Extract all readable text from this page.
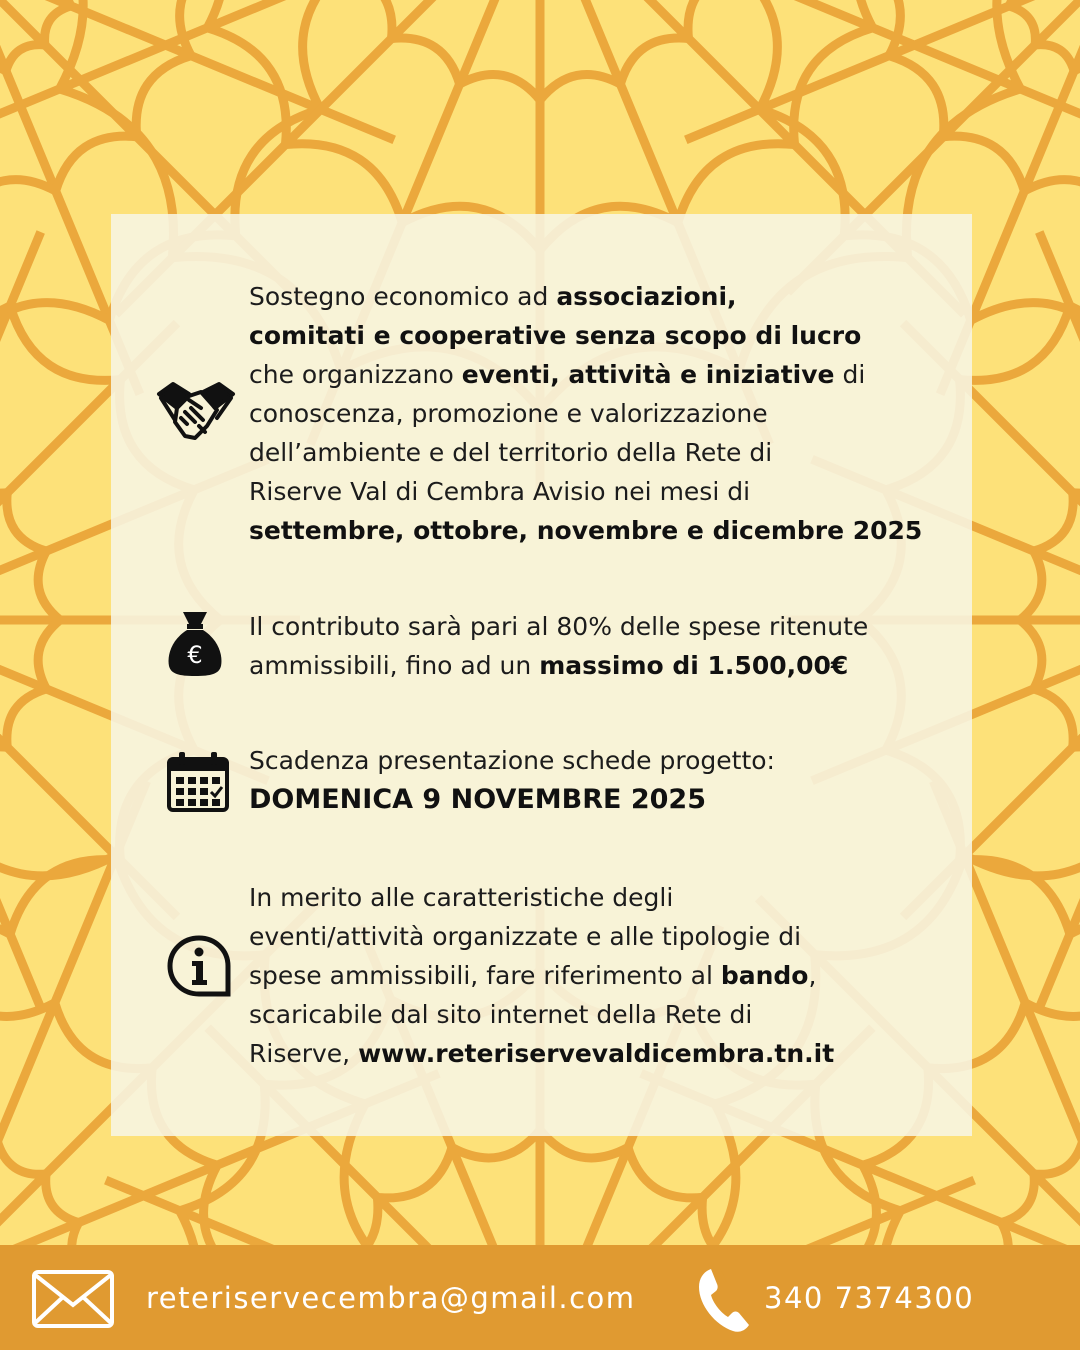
€
Sostegno economico ad associazioni,
comitati e cooperative senza scopo di lucro
che organizzano eventi, attività e iniziative di
conoscenza, promozione e valorizzazione
dell’ambiente e del territorio della Rete di
Riserve Val di Cembra Avisio nei mesi di
settembre, ottobre, novembre e dicembre 2025
Il contributo sarà pari al 80% delle spese ritenute
ammissibili, fino ad un massimo di 1.500,00€
Scadenza presentazione schede progetto:
DOMENICA 9 NOVEMBRE 2025
In merito alle caratteristiche degli
eventi/attività organizzate e alle tipologie di
spese ammissibili, fare riferimento al bando,
scaricabile dal sito internet della Rete di
Riserve, www.reteriservevaldicembra.tn.it
reteriservecembra@gmail.com	340 7374300
